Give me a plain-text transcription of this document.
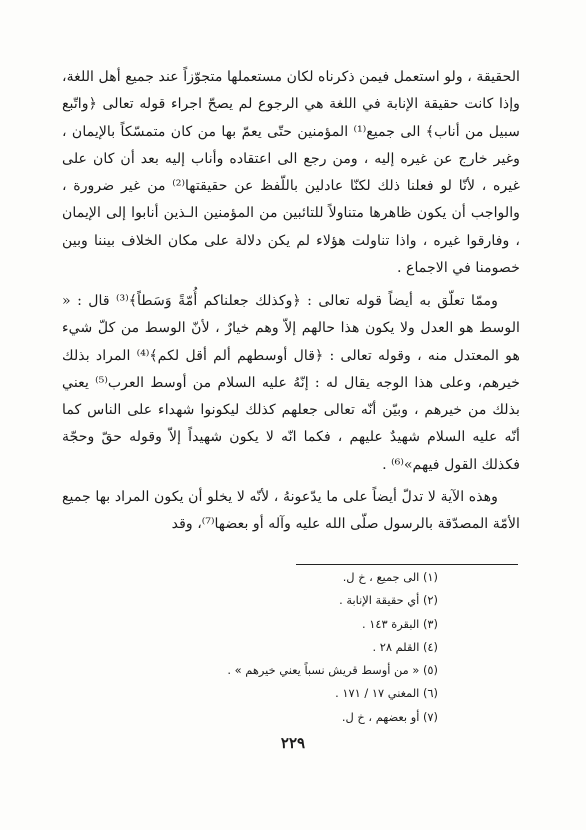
الحقيقة ، ولو استعمل فيمن ذكرناه لكان مستعملها متجوّزاً عند جميع أهل اللغة، وإذا كانت حقيقة الإنابة في اللغة هي الرجوع لم يصحّ اجراء قوله تعالى ﴿واتّبع سبيل من أناب﴾ الى جميع⁽¹⁾ المؤمنين حتّى يعمّ بها من كان متمسّكاً بالإيمان ، وغير خارج عن غيره إليه ، ومن رجع الى اعتقاده وأناب إليه بعد أن كان على غيره ، لأنّا لو فعلنا ذلك لكنّا عادلين باللّفظ عن حقيقتها⁽²⁾ من غير ضرورة ، والواجب أن يكون ظاهرها متناولاً للتائبين من المؤمنين الـذين أنابوا إلى الإيمان ، وفارقوا غيره ، واذا تناولت هؤلاء لم يكن دلالة على مكان الخلاف بيننا وبين خصومنا في الاجماع .

وممّا تعلّق به أيضاً قوله تعالى : ﴿وكذلك جعلناكم أُمّةً وَسَطاً﴾⁽³⁾ قال : « الوسط هو العدل ولا يكون هذا حالهم إلاّ وهم خيارٌ ، لأنّ الوسط من كلّ شيء هو المعتدل منه ، وقوله تعالى : ﴿قال أوسطهم ألم أقل لكم﴾⁽⁴⁾ المراد بذلك خيرهم، وعلى هذا الوجه يقال له : إنّهُ عليه السلام من أوسط العرب⁽⁵⁾ يعني بذلك من خيرهم ، وبيّن أنّه تعالى جعلهم كذلك ليكونوا شهداء على الناس كما أنّه عليه السلام شهيدٌ عليهم ، فكما انّه لا يكون شهيداً إلاّ وقوله حقّ وحجّة فكذلك القول فيهم»⁽⁶⁾ .

وهذه الآية لا تدلّ أيضاً على ما يدّعونهُ ، لأنّه لا يخلو أن يكون المراد بها جميع الأمّة المصدّقة بالرسول صلّى الله عليه وآله أو بعضها⁽⁷⁾، وقد

(١) الى جميع ، خ ل.
(٢) أي حقيقة الإنابة .
(٣) البقرة ١٤٣ .
(٤) القلم ٢٨ .
(٥) « من أوسط قريش نسباً يعني خيرهم » .
(٦) المغني ١٧ / ١٧١ .
(٧) أو بعضهم ، خ ل.
٢٢٩
